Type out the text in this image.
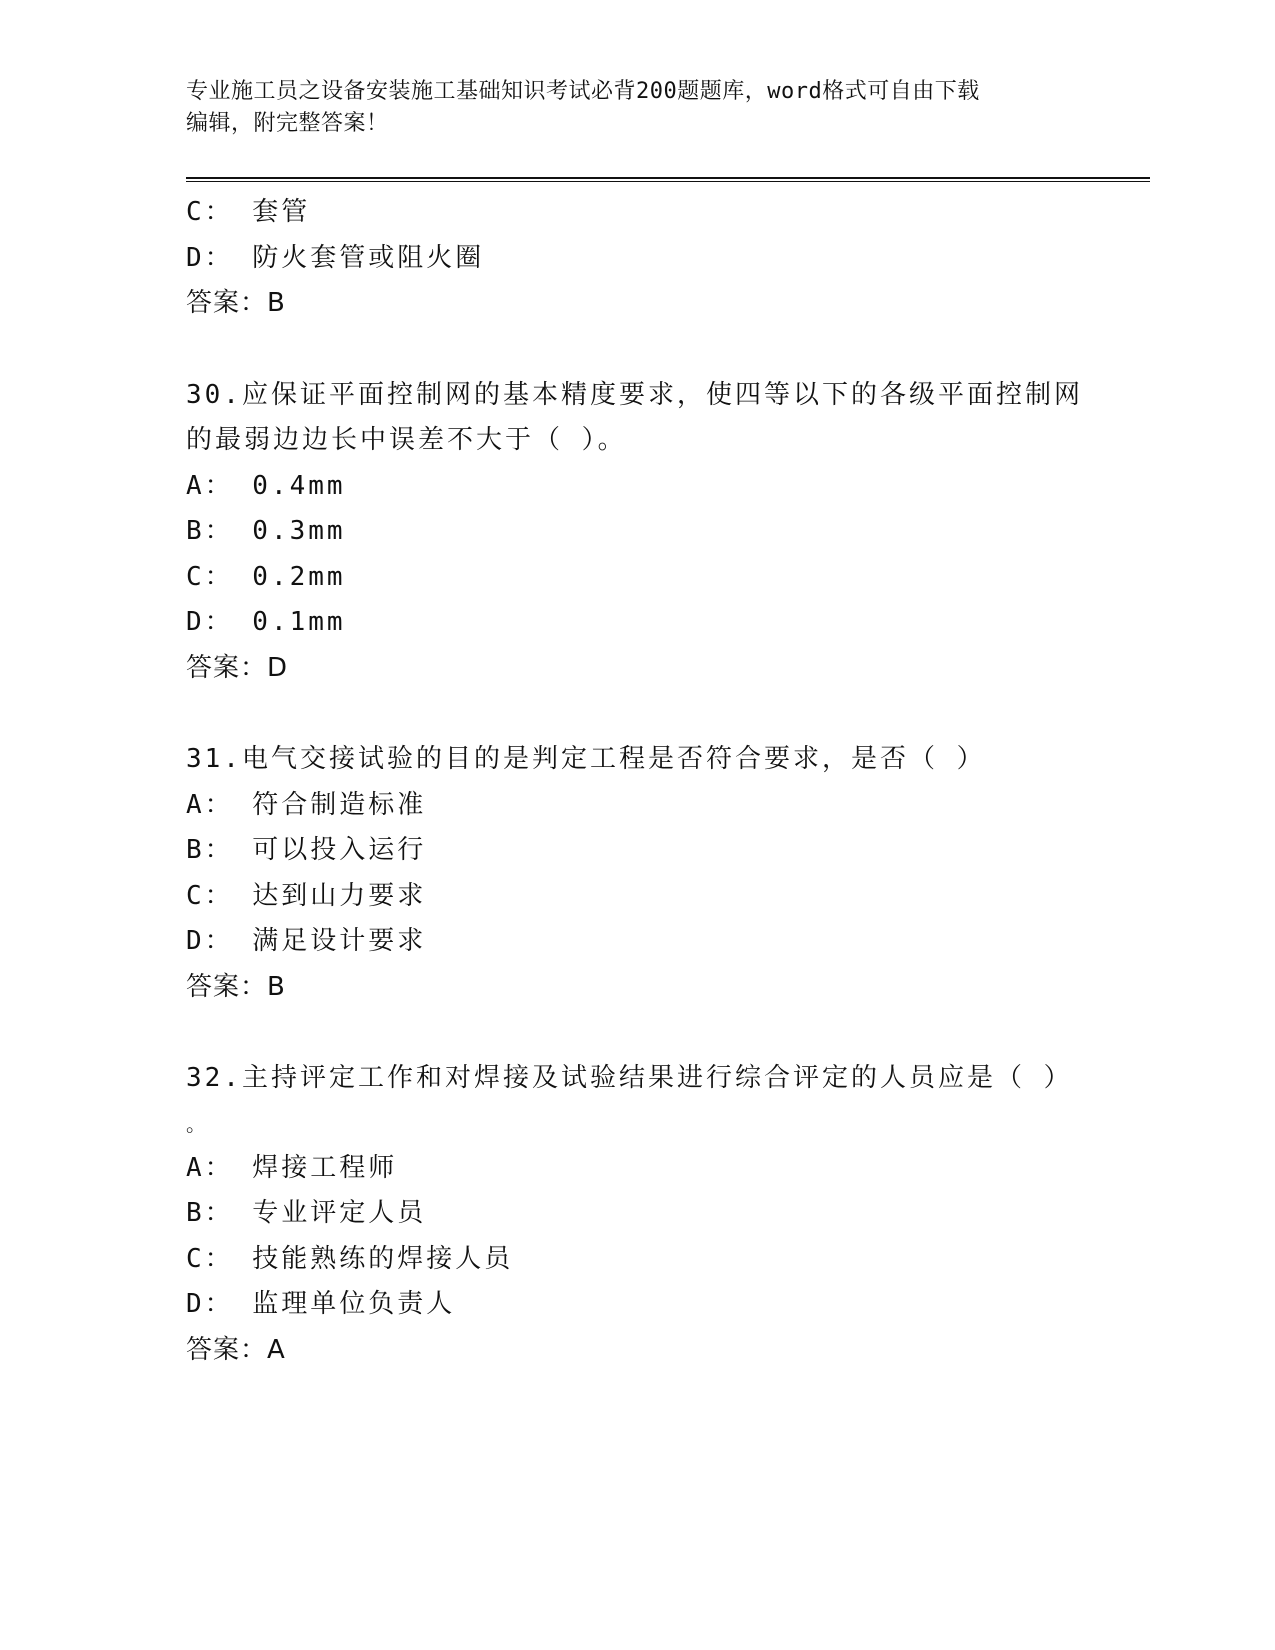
专业施工员之设备安装施工基础知识考试必背200题题库，word格式可自由下载
编辑，附完整答案！
C： 套管
D： 防火套管或阻火圈
答案：B
30.应保证平面控制网的基本精度要求，使四等以下的各级平面控制网
的最弱边边长中误差不大于（ ）。
A： 0.4mm
B： 0.3mm
C： 0.2mm
D： 0.1mm
答案：D
31.电气交接试验的目的是判定工程是否符合要求，是否（ ）
A： 符合制造标准
B： 可以投入运行
C： 达到山力要求
D： 满足设计要求
答案：B
32.主持评定工作和对焊接及试验结果进行综合评定的人员应是（ ）
。
A： 焊接工程师
B： 专业评定人员
C： 技能熟练的焊接人员
D： 监理单位负责人
答案：A
